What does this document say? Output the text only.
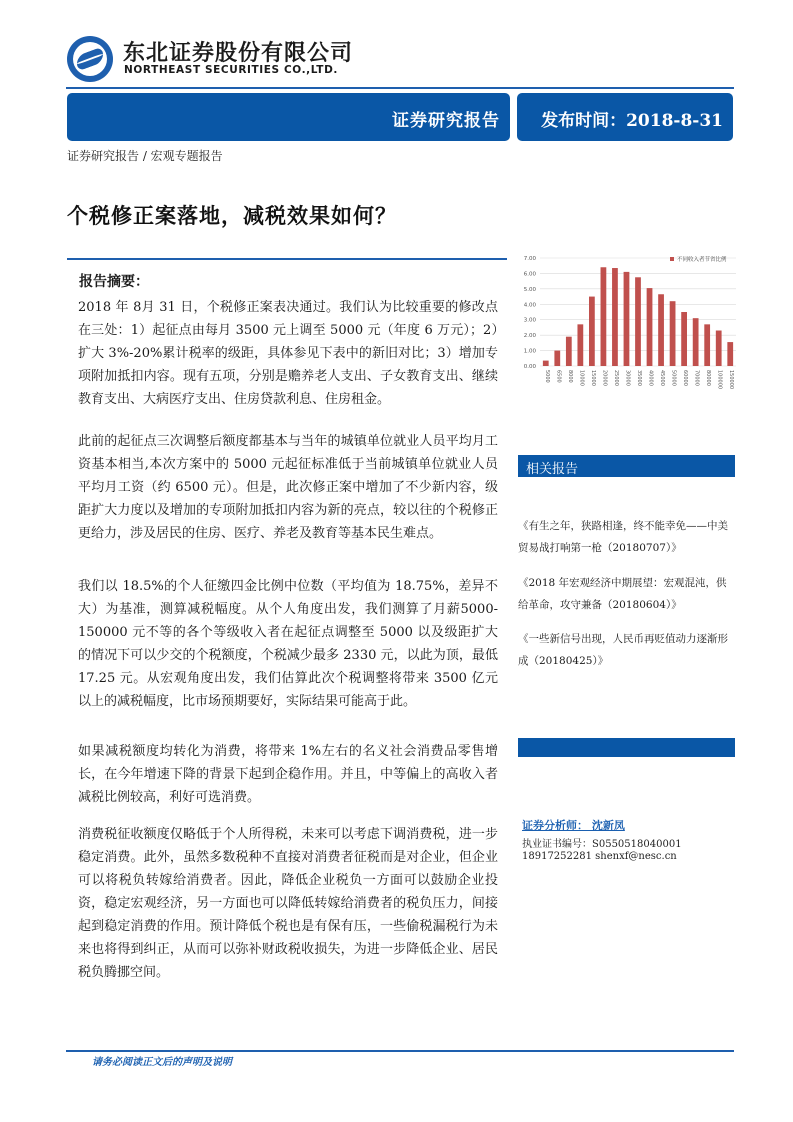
东北证券股份有限公司
NORTHEAST SECURITIES CO.,LTD.
证券研究报告 发布时间：2018-8-31
证券研究报告 / 宏观专题报告
个税修正案落地，减税效果如何？
报告摘要：
2018 年 8月 31 日，个税修正案表决通过。我们认为比较重要的修改点在三处：1）起征点由每月 3500 元上调至 5000 元（年度 6 万元）；2）扩大 3%-20%累计税率的级距，具体参见下表中的新旧对比；3）增加专项附加抵扣内容。现有五项，分别是赡养老人支出、子女教育支出、继续教育支出、大病医疗支出、住房贷款利息、住房租金。
此前的起征点三次调整后额度都基本与当年的城镇单位就业人员平均月工资基本相当,本次方案中的 5000 元起征标准低于当前城镇单位就业人员平均月工资（约 6500 元）。但是，此次修正案中增加了不少新内容，级距扩大力度以及增加的专项附加抵扣内容为新的亮点，较以往的个税修正更给力，涉及居民的住房、医疗、养老及教育等基本民生难点。
我们以 18.5%的个人征缴四金比例中位数（平均值为 18.75%，差异不大）为基准，测算减税幅度。从个人角度出发，我们测算了月薪5000-150000 元不等的各个等级收入者在起征点调整至 5000 以及级距扩大的情况下可以少交的个税额度，个税减少最多 2330 元，以此为顶，最低 17.25 元。从宏观角度出发，我们估算此次个税调整将带来 3500 亿元以上的减税幅度，比市场预期要好，实际结果可能高于此。
如果减税额度均转化为消费，将带来 1%左右的名义社会消费品零售增长，在今年增速下降的背景下起到企稳作用。并且，中等偏上的高收入者减税比例较高，利好可选消费。
消费税征收额度仅略低于个人所得税，未来可以考虑下调消费税，进一步稳定消费。此外，虽然多数税种不直接对消费者征税而是对企业，但企业可以将税负转嫁给消费者。因此，降低企业税负一方面可以鼓励企业投资，稳定宏观经济，另一方面也可以降低转嫁给消费者的税负压力，间接起到稳定消费的作用。预计降低个税也是有保有压，一些偷税漏税行为未来也将得到纠正，从而可以弥补财政税收损失，为进一步降低企业、居民税负腾挪空间。
0.00
1.00
2.00
3.00
4.00
5.00
6.00
7.00
5000 6500 8000 10000 15000 20000 25000 30000 35000 40000 45000 50000 60000 70000 80000 100000 150000
不同收入者节省比例
相关报告
《有生之年，狭路相逢，终不能幸免——中美贸易战打响第一枪（20180707）》
《2018 年宏观经济中期展望：宏观混沌，供给革命，攻守兼备（20180604）》
《一些新信号出现，人民币再贬值动力逐渐形成（20180425）》
证券分析师： 沈新凤
执业证书编号：S0550518040001
18917252281 shenxf@nesc.cn
请务必阅读正文后的声明及说明
